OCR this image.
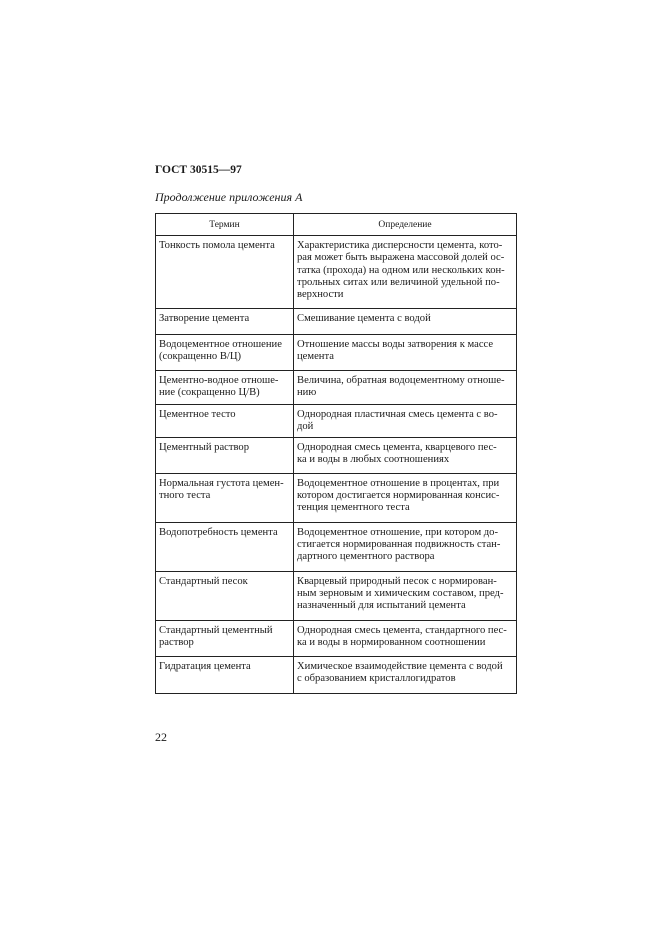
ГОСТ 30515—97
Продолжение приложения А
Термин	Определение
Тонкость помола цемента	Характеристика дисперсности цемента, кото-
рая может быть выражена массовой долей ос-
татка (прохода) на одном или нескольких кон-
трольных ситах или величиной удельной по-
верхности
Затворение цемента	Смешивание цемента с водой
Водоцементное отношение
(сокращенно В/Ц)	Отношение массы воды затворения к массе
цемента
Цементно-водное отноше-
ние (сокращенно Ц/В)	Величина, обратная водоцементному отноше-
нию
Цементное тесто	Однородная пластичная смесь цемента с во-
дой
Цементный раствор	Однородная смесь цемента, кварцевого пес-
ка и воды в любых соотношениях
Нормальная густота цемен-
тного теста	Водоцементное отношение в процентах, при
котором достигается нормированная консис-
тенция цементного теста
Водопотребность цемента	Водоцементное отношение, при котором до-
стигается нормированная подвижность стан-
дартного цементного раствора
Стандартный песок	Кварцевый природный песок с нормирован-
ным зерновым и химическим составом, пред-
назначенный для испытаний цемента
Стандартный цементный
раствор	Однородная смесь цемента, стандартного пес-
ка и воды в нормированном соотношении
Гидратация цемента	Химическое взаимодействие цемента с водой
с образованием кристаллогидратов
22
